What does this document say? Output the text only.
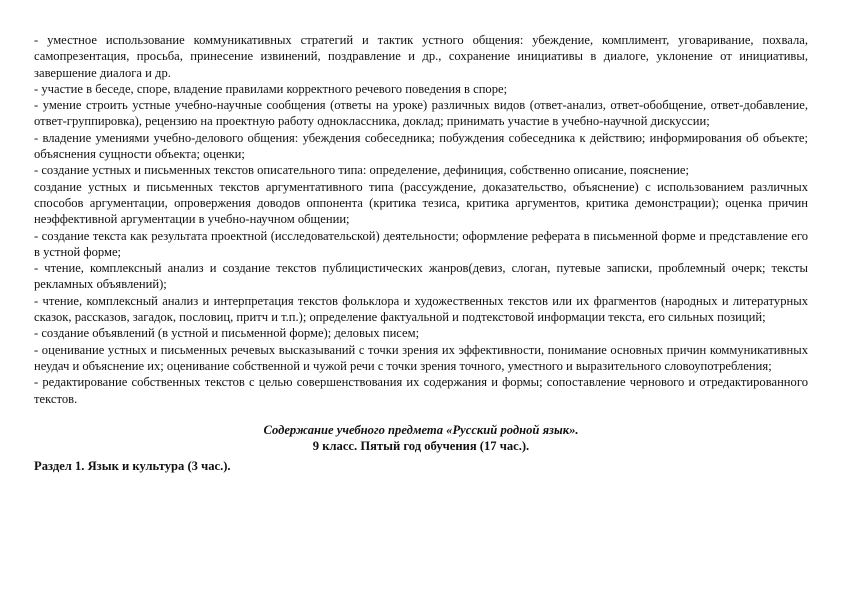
- уместное использование коммуникативных стратегий и тактик устного общения: убеждение, комплимент, уговаривание, похвала, самопрезентация, просьба, принесение извинений, поздравление и др., сохранение инициативы в диалоге, уклонение от инициативы, завершение диалога и др.

- участие в беседе, споре, владение правилами корректного речевого поведения в споре;

- умение строить устные учебно-научные сообщения (ответы на уроке) различных видов (ответ-анализ, ответ-обобщение, ответ-добавление, ответ-группировка), рецензию на проектную работу одноклассника, доклад; принимать участие в учебно-научной дискуссии;

- владение умениями учебно-делового общения: убеждения собеседника; побуждения собеседника к действию; информирования об объекте; объяснения сущности объекта; оценки;

- создание устных и письменных текстов описательного типа: определение, дефиниция, собственно описание, пояснение;

создание устных и письменных текстов аргументативного типа (рассуждение, доказательство, объяснение) с использованием различных способов аргументации, опровержения доводов оппонента (критика тезиса, критика аргументов, критика демонстрации); оценка причин неэффективной аргументации в учебно-научном общении;

- создание текста как результата проектной (исследовательской) деятельности; оформление реферата в письменной форме и представление его в устной форме;

- чтение, комплексный анализ и создание текстов публицистических жанров(девиз, слоган, путевые записки, проблемный очерк; тексты рекламных объявлений);

- чтение, комплексный анализ и интерпретация текстов фольклора и художественных текстов или их фрагментов (народных и литературных сказок, рассказов, загадок, пословиц, притч и т.п.); определение фактуальной и подтекстовой информации текста, его сильных позиций;

- создание объявлений (в устной и письменной форме); деловых писем;

- оценивание устных и письменных речевых высказываний с точки зрения их эффективности, понимание основных причин коммуникативных неудач и объяснение их; оценивание собственной и чужой речи с точки зрения точного, уместного и выразительного словоупотребления;

- редактирование собственных текстов с целью совершенствования их содержания и формы; сопоставление чернового и отредактированного текстов.

Содержание учебного предмета «Русский родной язык».
9 класс. Пятый год обучения (17 час.).
Раздел 1. Язык и культура (3 час.).
